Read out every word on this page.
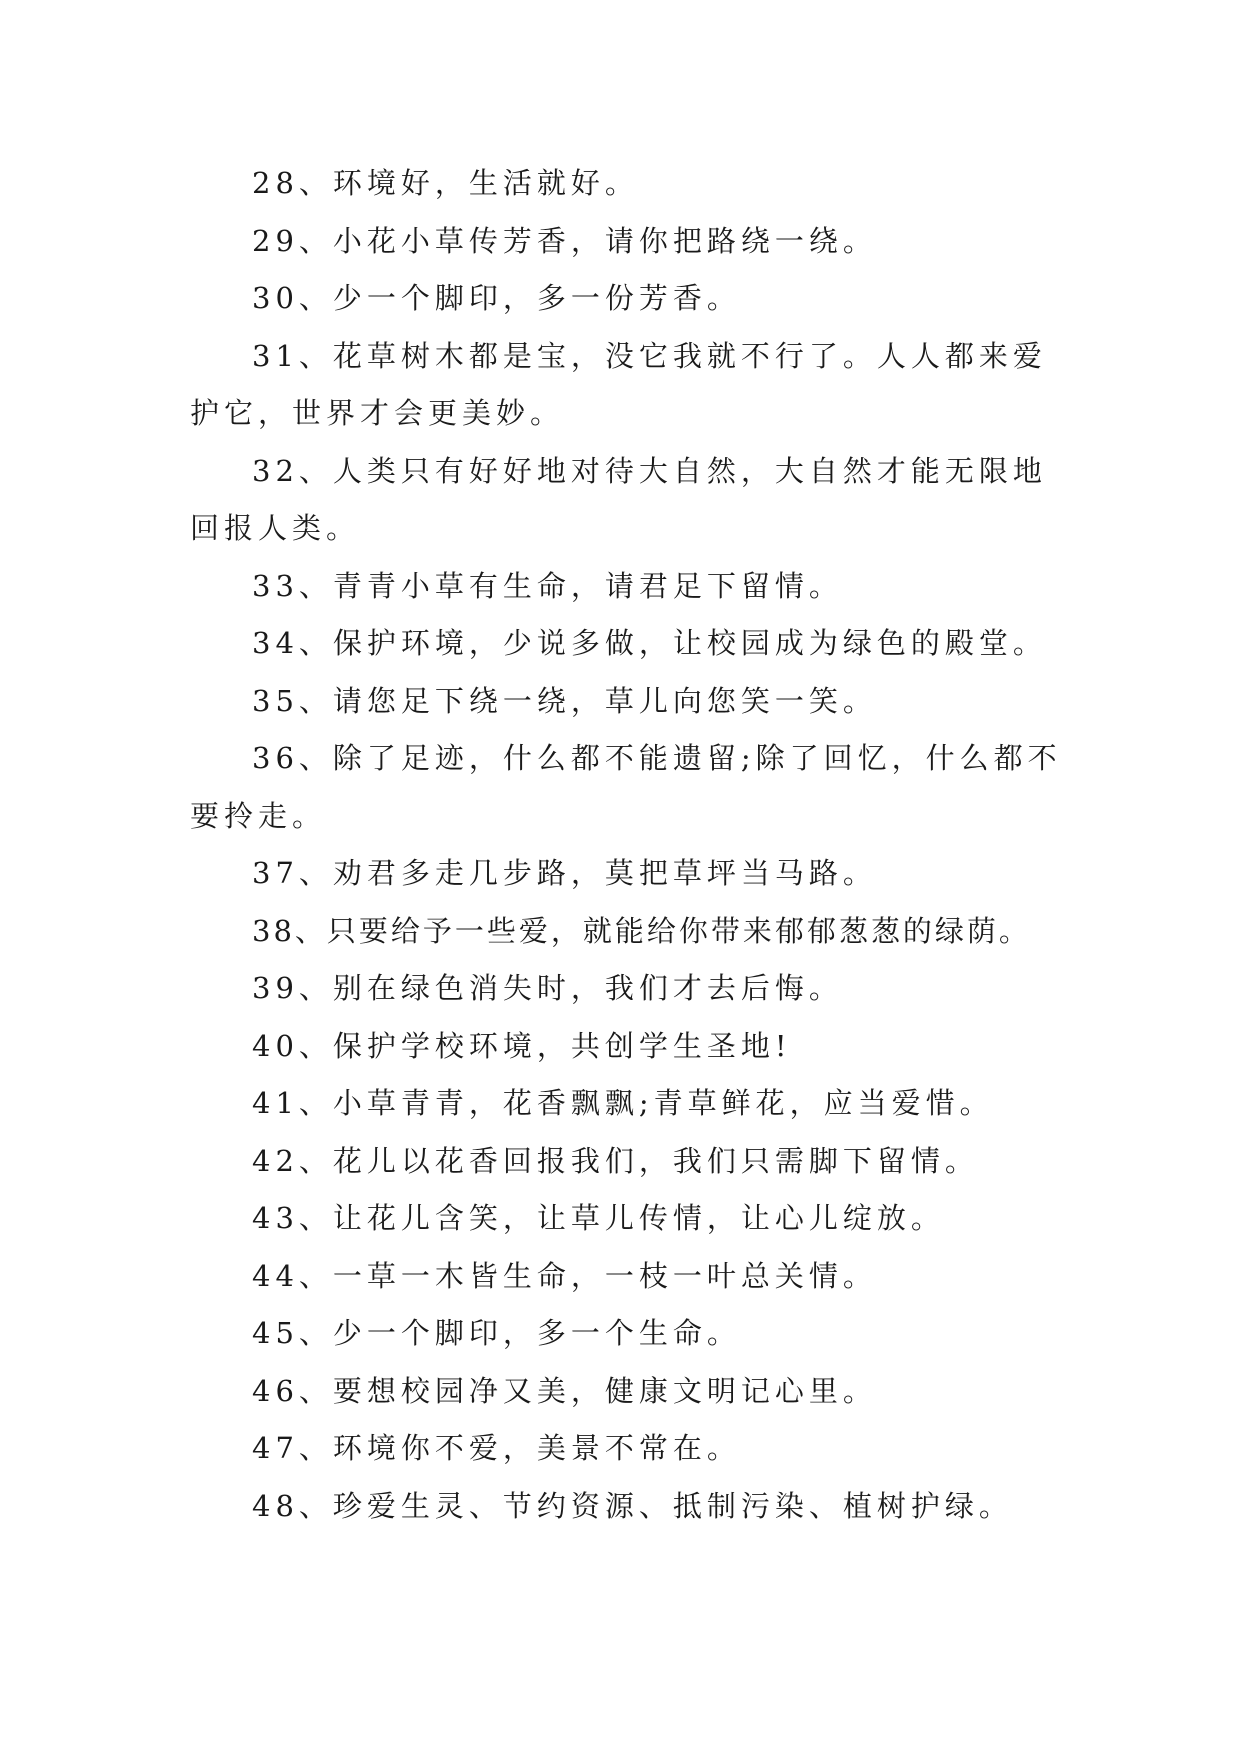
28、环境好，生活就好。

29、小花小草传芳香，请你把路绕一绕。

30、少一个脚印，多一份芳香。

31、花草树木都是宝，没它我就不行了。人人都来爱护它，世界才会更美妙。

32、人类只有好好地对待大自然，大自然才能无限地回报人类。

33、青青小草有生命，请君足下留情。

34、保护环境，少说多做，让校园成为绿色的殿堂。

35、请您足下绕一绕，草儿向您笑一笑。

36、除了足迹，什么都不能遗留;除了回忆，什么都不要拎走。

37、劝君多走几步路，莫把草坪当马路。

38、只要给予一些爱，就能给你带来郁郁葱葱的绿荫。

39、别在绿色消失时，我们才去后悔。

40、保护学校环境，共创学生圣地!

41、小草青青，花香飘飘;青草鲜花，应当爱惜。

42、花儿以花香回报我们，我们只需脚下留情。

43、让花儿含笑，让草儿传情，让心儿绽放。

44、一草一木皆生命，一枝一叶总关情。

45、少一个脚印，多一个生命。

46、要想校园净又美，健康文明记心里。

47、环境你不爱，美景不常在。

48、珍爱生灵、节约资源、抵制污染、植树护绿。
